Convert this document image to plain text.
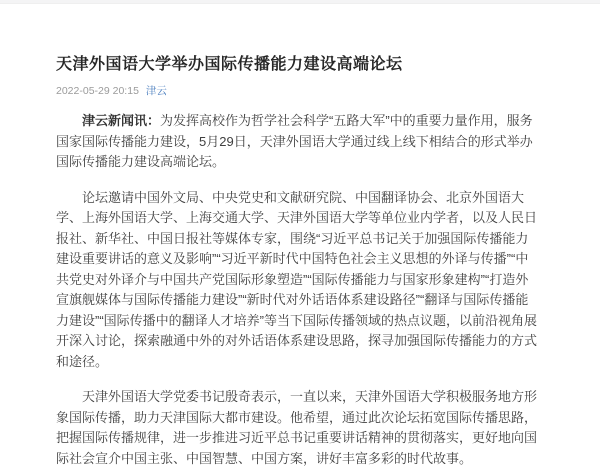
天津外国语大学举办国际传播能力建设高端论坛
2022-05-29 20:15 津云

津云新闻讯：为发挥高校作为哲学社会科学“五路大军”中的重要力量作用，服务国家国际传播能力建设，5月29日，天津外国语大学通过线上线下相结合的形式举办国际传播能力建设高端论坛。

论坛邀请中国外文局、中央党史和文献研究院、中国翻译协会、北京外国语大学、上海外国语大学、上海交通大学、天津外国语大学等单位业内学者，以及人民日报社、新华社、中国日报社等媒体专家，围绕“习近平总书记关于加强国际传播能力建设重要讲话的意义及影响”“习近平新时代中国特色社会主义思想的外译与传播”“中共党史对外译介与中国共产党国际形象塑造”“国际传播能力与国家形象建构”“打造外宣旗舰媒体与国际传播能力建设”“新时代对外话语体系建设路径”“翻译与国际传播能力建设”“国际传播中的翻译人才培养”等当下国际传播领域的热点议题，以前沿视角展开深入讨论，探索融通中外的对外话语体系建设思路，探寻加强国际传播能力的方式和途径。

天津外国语大学党委书记殷奇表示，一直以来，天津外国语大学积极服务地方形象国际传播，助力天津国际大都市建设。他希望，通过此次论坛拓宽国际传播思路，把握国际传播规律，进一步推进习近平总书记重要讲话精神的贯彻落实，更好地向国际社会宣介中国主张、中国智慧、中国方案，讲好丰富多彩的时代故事。
